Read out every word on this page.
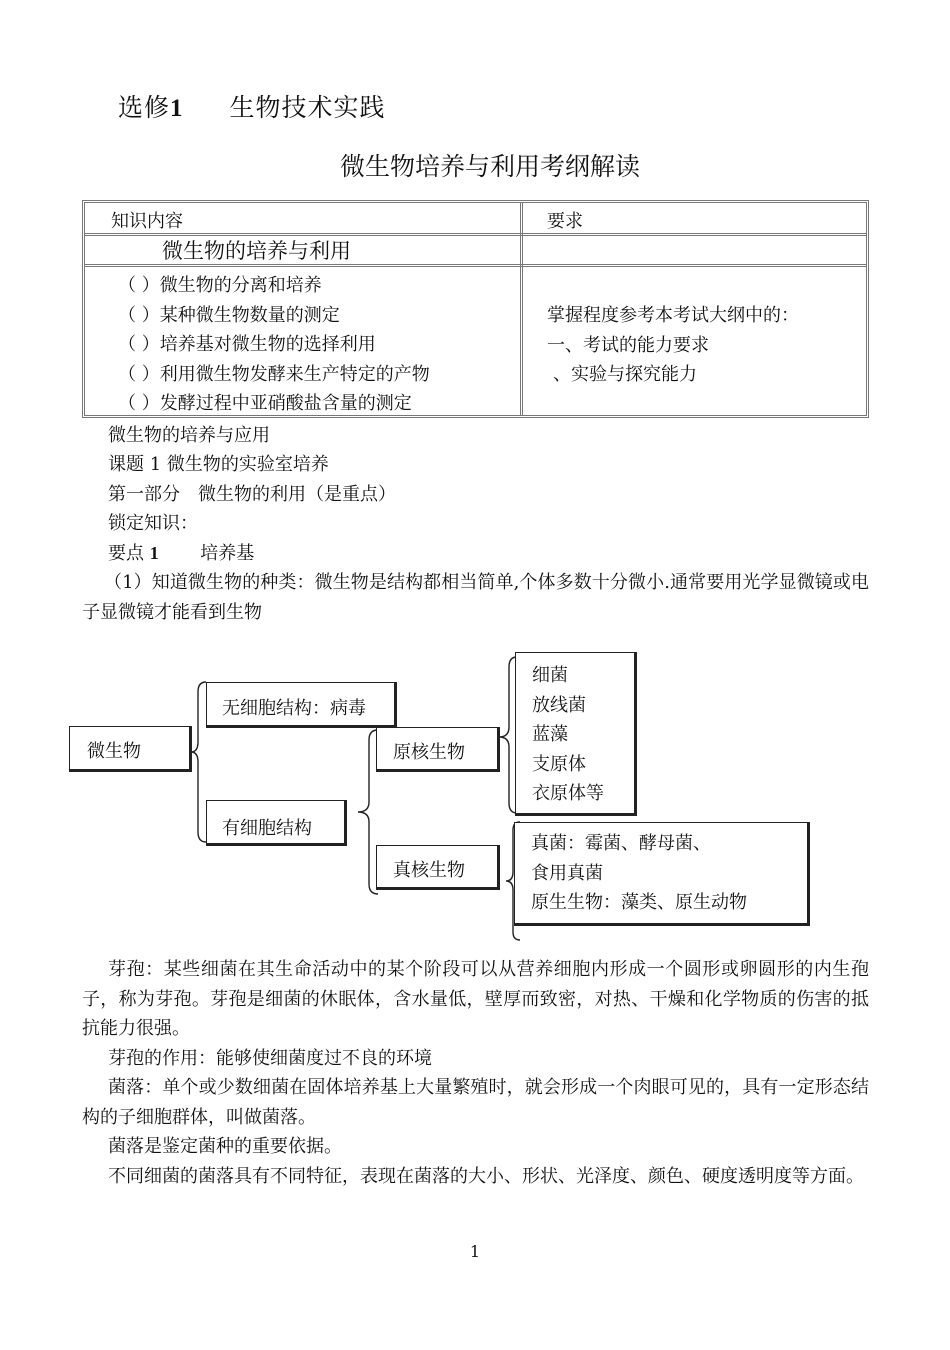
选修1 生物技术实践
微生物培养与利用考纲解读
知识内容	要求
微生物的培养与利用
（ ）微生物的分离和培养
（ ）某种微生物数量的测定
（ ）培养基对微生物的选择利用
（ ）利用微生物发酵来生产特定的产物
（ ）发酵过程中亚硝酸盐含量的测定
掌握程度参考本考试大纲中的：
一、考试的能力要求
、实验与探究能力
微生物的培养与应用
课题 1 微生物的实验室培养
第一部分　微生物的利用（是重点）
锁定知识：
要点 1 培养基
（1）知道微生物的种类：微生物是结构都相当简单,个体多数十分微小.通常要用光学显微镜或电子显微镜才能看到生物
微生物
无细胞结构：病毒
有细胞结构
原核生物
真核生物
细菌
放线菌
蓝藻
支原体
衣原体等
真菌：霉菌、酵母菌、
食用真菌
原生生物：藻类、原生动物
芽孢：某些细菌在其生命活动中的某个阶段可以从营养细胞内形成一个圆形或卵圆形的内生孢子，称为芽孢。芽孢是细菌的休眠体，含水量低，壁厚而致密，对热、干燥和化学物质的伤害的抵抗能力很强。
芽孢的作用：能够使细菌度过不良的环境
菌落：单个或少数细菌在固体培养基上大量繁殖时，就会形成一个肉眼可见的，具有一定形态结构的子细胞群体，叫做菌落。
菌落是鉴定菌种的重要依据。
不同细菌的菌落具有不同特征，表现在菌落的大小、形状、光泽度、颜色、硬度透明度等方面。
1
